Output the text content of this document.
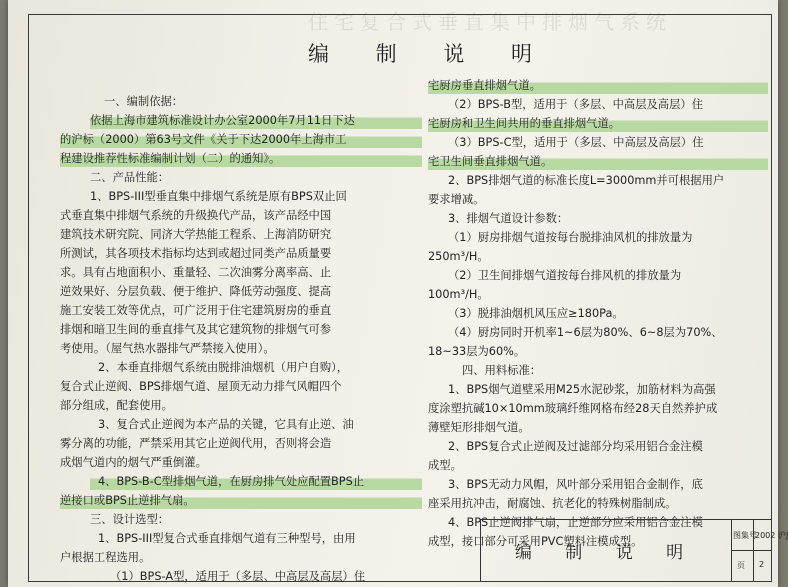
住宅复合式垂直集中排烟气系统
编 制 说 明

一、编制依据：

依据上海市建筑标准设计办公室2000年7月11日下达

的沪标（2000）第63号文件《关于下达2000年上海市工

程建设推荐性标准编制计划（二）的通知》。

二、产品性能：

1、BPS-III型垂直集中排烟气系统是原有BPS双止回

式垂直集中排烟气系统的升级换代产品，该产品经中国

建筑技术研究院、同济大学热能工程系、上海消防研究

所测试，其各项技术指标均达到或超过同类产品质量要

求。具有占地面积小、重量轻、二次油雾分离率高、止

逆效果好、分层负载、便于维护、降低劳动强度、提高

施工安装工效等优点，可广泛用于住宅建筑厨房的垂直

排烟和暗卫生间的垂直排气及其它建筑物的排烟气可参

考使用。（屋气热水器排气严禁接入使用）。

2、本垂直排烟气系统由脱排油烟机（用户自购），

复合式止逆阀、BPS排烟气道、屋顶无动力排气风帽四个

部分组成，配套使用。

3、复合式止逆阀为本产品的关键，它具有止逆、油

雾分离的功能，严禁采用其它止逆阀代用，否则将会造

成烟气道内的烟气严重倒灌。

4、BPS-B-C型排烟气道，在厨房排气处应配置BPS止

逆接口或BPS止逆排气扇。

三、设计选型：

1、BPS-III型复合式垂直排烟气道有三种型号，由用

户根据工程选用。

（1）BPS-A型，适用于（多层、中高层及高层）住

宅厨房垂直排烟气道。

（2）BPS-B型，适用于（多层、中高层及高层）住

宅厨房和卫生间共用的垂直排烟气道。

（3）BPS-C型，适用于（多层、中高层及高层）住

宅卫生间垂直排烟气道。

2、BPS排烟气道的标准长度L=3000mm并可根据用户

要求增减。

3、排烟气道设计参数：

（1）厨房排烟气道按每台脱排油风机的排放量为

250m³/H。

（2）卫生间排烟气道按每台排风机的排放量为

100m³/H。

（3）脱排油烟机风压应≥180Pa。

（4）厨房同时开机率1~6层为80%、6~8层为70%、

18~33层为60%。

四、用料标准：

1、BPS烟气道壁采用M25水泥砂浆，加筋材料为高强

度涂塑抗碱10×10mm玻璃纤维网格布经28天自然养护成

薄壁矩形排烟气道。

2、BPS复合式止逆阀及过滤部分均采用铝合金注模

成型。

3、BPS无动力风帽，风叶部分采用铝合金制作，底

座采用抗冲击，耐腐蚀、抗老化的特殊树脂制成。

4、BPS止逆阀排气扇，止逆部分应采用铝合金注模

成型，接口部分可采用PVC塑料注模成型。

编 制 说 明
图集号
2002 沪J
页 2
